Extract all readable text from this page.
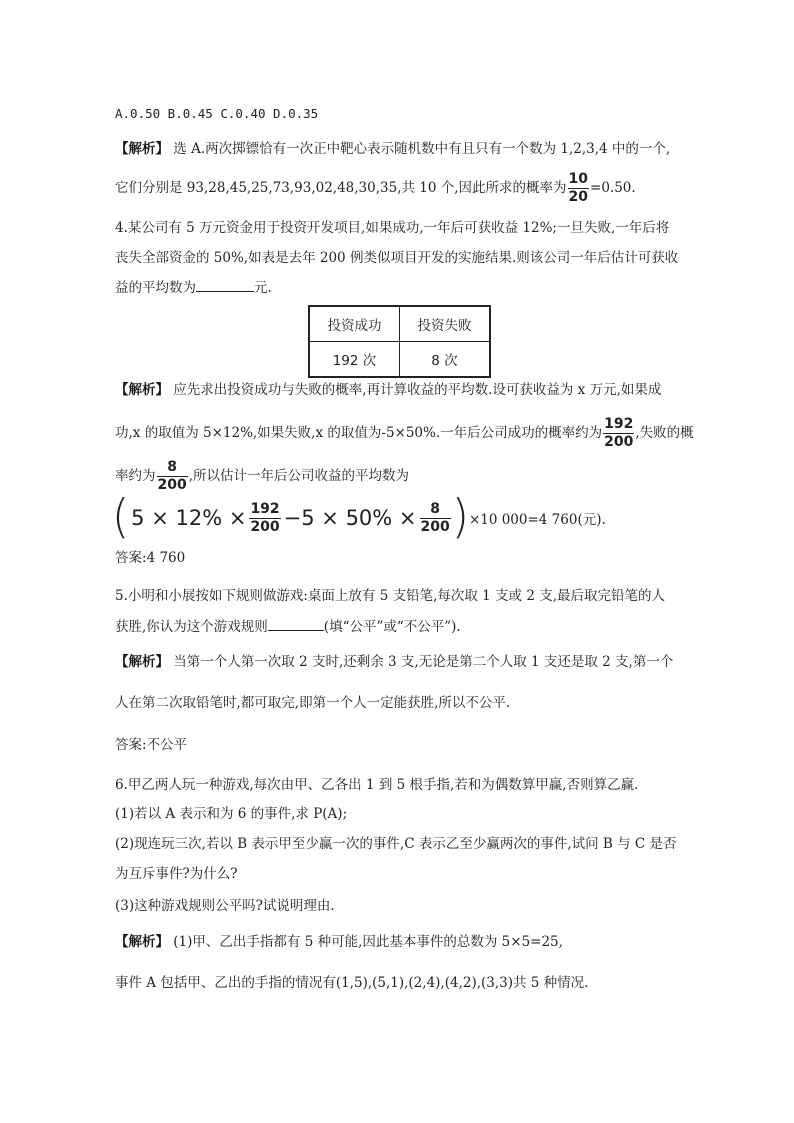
A.0.50 B.0.45 C.0.40 D.0.35
【解析】 选 A.两次掷镖恰有一次正中靶心表示随机数中有且只有一个数为 1,2,3,4 中的一个,
它们分别是 93,28,45,25,73,93,02,48,30,35,共 10 个,因此所求的概率为 $\frac{10}{20} =0.50$.
4.某公司有 5 万元资金用于投资开发项目,如果成功,一年后可获收益 12%;一旦失败,一年后将
丧失全部资金的 50%,如表是去年 200 例类似项目开发的实施结果.则该公司一年后估计可获收
益的平均数为	元.
投资成功	投资失败
192 次	8 次
【解析】 应先求出投资成功与失败的概率,再计算收益的平均数.设可获收益为 x 万元,如果成
功,x 的取值为 5×12%,如果失败,x 的取值为-5×50%.一年后公司成功的概率约为 $\frac{192}{200}$ ,失败的概
率约为 $\frac{8}{200}$ ,所以估计一年后公司收益的平均数为
( $5 \times 12\% \times \frac{192}{200} -5 \times 50\% \times \frac{8}{200}$ ) ×10 000=4 760(元).
答案:4 760
5.小明和小展按如下规则做游戏:桌面上放有 5 支铅笔,每次取 1 支或 2 支,最后取完铅笔的人
获胜,你认为这个游戏规则	(填“公平”或“不公平”).
【解析】 当第一个人第一次取 2 支时,还剩余 3 支,无论是第二个人取 1 支还是取 2 支,第一个
人在第二次取铅笔时,都可取完,即第一个人一定能获胜,所以不公平.
答案:不公平
6.甲乙两人玩一种游戏,每次由甲、乙各出 1 到 5 根手指,若和为偶数算甲赢,否则算乙赢.
(1)若以 A 表示和为 6 的事件,求 P(A);
(2)现连玩三次,若以 B 表示甲至少赢一次的事件,C 表示乙至少赢两次的事件,试问 B 与 C 是否
为互斥事件?为什么?
(3)这种游戏规则公平吗?试说明理由.
【解析】 (1)甲、乙出手指都有 5 种可能,因此基本事件的总数为 5×5=25,
事件 A 包括甲、乙出的手指的情况有(1,5),(5,1),(2,4),(4,2),(3,3)共 5 种情况.
